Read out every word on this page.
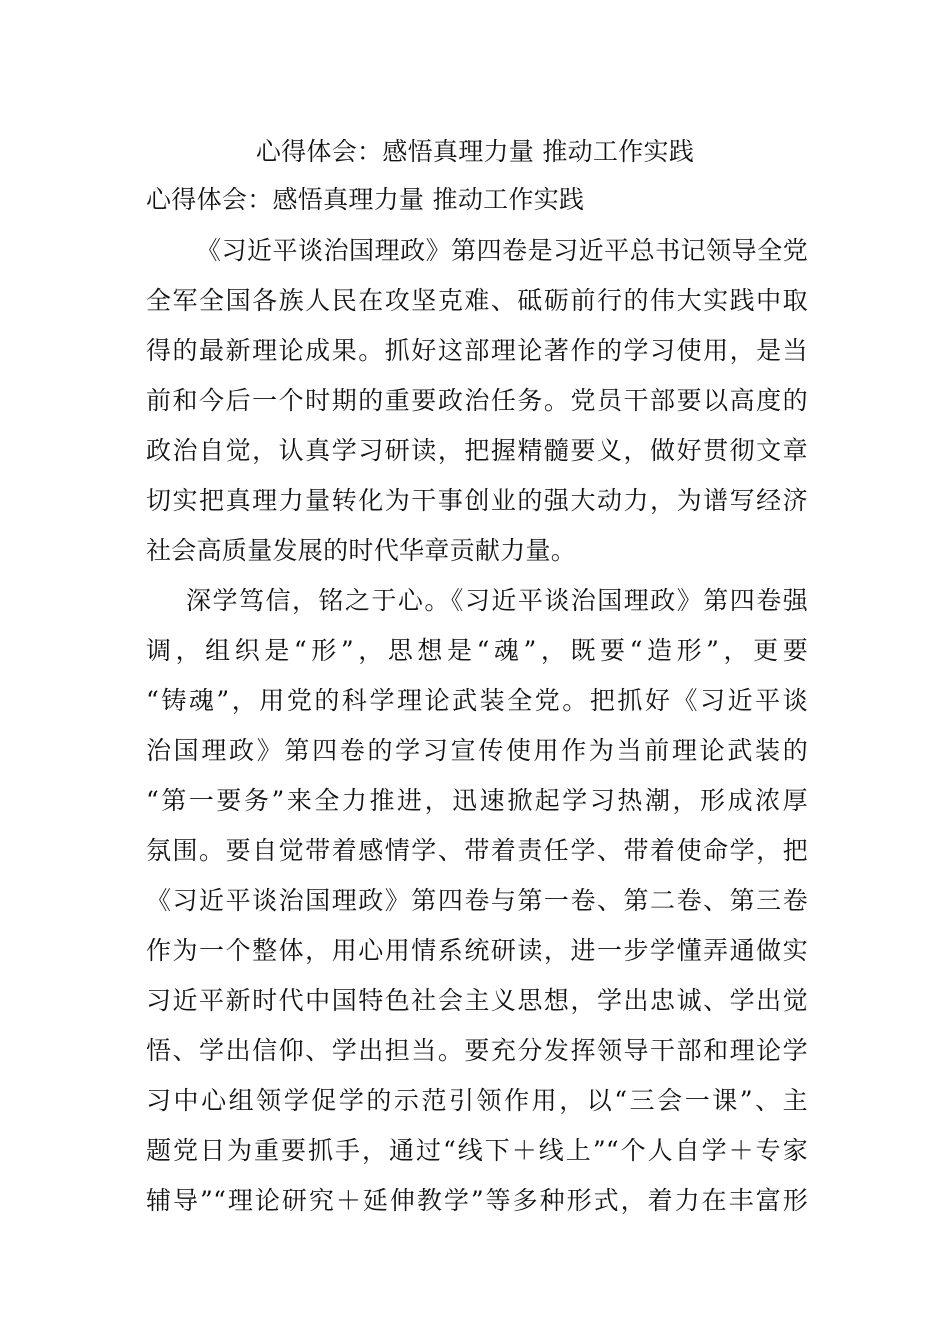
心得体会：感悟真理力量 推动工作实践
心得体会：感悟真理力量 推动工作实践
《习近平谈治国理政》第四卷是习近平总书记领导全党
全军全国各族人民在攻坚克难、砥砺前行的伟大实践中取
得的最新理论成果。抓好这部理论著作的学习使用，是当
前和今后一个时期的重要政治任务。党员干部要以高度的
政治自觉，认真学习研读，把握精髓要义，做好贯彻文章
切实把真理力量转化为干事创业的强大动力，为谱写经济
社会高质量发展的时代华章贡献力量。
深学笃信，铭之于心。《习近平谈治国理政》第四卷强
调，组织是“形”，思想是“魂”，既要“造形”，更要
“铸魂”，用党的科学理论武装全党。把抓好《习近平谈
治国理政》第四卷的学习宣传使用作为当前理论武装的
“第一要务”来全力推进，迅速掀起学习热潮，形成浓厚
氛围。要自觉带着感情学、带着责任学、带着使命学，把
《习近平谈治国理政》第四卷与第一卷、第二卷、第三卷
作为一个整体，用心用情系统研读，进一步学懂弄通做实
习近平新时代中国特色社会主义思想，学出忠诚、学出觉
悟、学出信仰、学出担当。要充分发挥领导干部和理论学
习中心组领学促学的示范引领作用，以“三会一课”、主
题党日为重要抓手，通过“线下＋线上”“个人自学＋专家
辅导”“理论研究＋延伸教学”等多种形式，着力在丰富形
